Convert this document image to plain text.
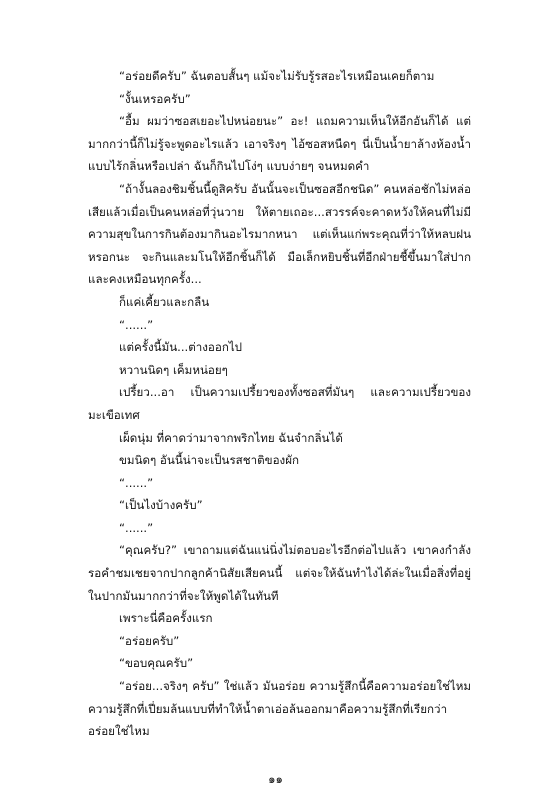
“อร่อยดีครับ” ฉันตอบสั้นๆ แม้จะไม่รับรู้รสอะไรเหมือนเคยก็ตาม

“งั้นเหรอครับ”

“อื้ม ผมว่าซอสเยอะไปหน่อยนะ” อะ! แถมความเห็นให้อีกอันก็ได้ แต่มากกว่านี้ก็ไม่รู้จะพูดอะไรแล้ว เอาจริงๆ ไอ้ซอสหนืดๆ นี่เป็นน้ำยาล้างห้องน้ำแบบไร้กลิ่นหรือเปล่า ฉันก็กินไปโง่ๆ แบบง่ายๆ จนหมดคำ

“ถ้างั้นลองชิมชิ้นนี้ดูสิครับ อันนั้นจะเป็นซอสอีกชนิด” คนหล่อชักไม่หล่อเสียแล้วเมื่อเป็นคนหล่อที่วุ่นวาย ให้ตายเถอะ...สวรรค์จะคาดหวังให้คนที่ไม่มีความสุขในการกินต้องมากินอะไรมากหนา แต่เห็นแก่พระคุณที่ว่าให้หลบฝนหรอกนะ จะกินและมโนให้อีกชิ้นก็ได้ มือเล็กหยิบชิ้นที่อีกฝ่ายชี้ขึ้นมาใส่ปาก และคงเหมือนทุกครั้ง...

ก็แค่เคี้ยวและกลืน

“......”

แต่ครั้งนี้มัน...ต่างออกไป

หวานนิดๆ เค็มหน่อยๆ

เปรี้ยว...อา เป็นความเปรี้ยวของทั้งซอสที่มันๆ และความเปรี้ยวของมะเขือเทศ

เผ็ดนุ่ม ที่คาดว่ามาจากพริกไทย ฉันจำกลิ่นได้

ขมนิดๆ อันนี้น่าจะเป็นรสชาติของผัก

“......”

“เป็นไงบ้างครับ”

“......”

“คุณครับ?” เขาถามแต่ฉันแน่นิ่งไม่ตอบอะไรอีกต่อไปแล้ว เขาคงกำลังรอคำชมเชยจากปากลูกค้านิสัยเสียคนนี้ แต่จะให้ฉันทำไงได้ล่ะในเมื่อสิ่งที่อยู่ในปากมันมากกว่าที่จะให้พูดได้ในทันที

เพราะนี่คือครั้งแรก

“อร่อยครับ”

“ขอบคุณครับ”

“อร่อย...จริงๆ ครับ” ใช่แล้ว มันอร่อย ความรู้สึกนี้คือความอร่อยใช่ไหมความรู้สึกที่เปี่ยมล้นแบบที่ทำให้น้ำตาเอ่อล้นออกมาคือความรู้สึกที่เรียกว่าอร่อยใช่ไหม

๑๑
